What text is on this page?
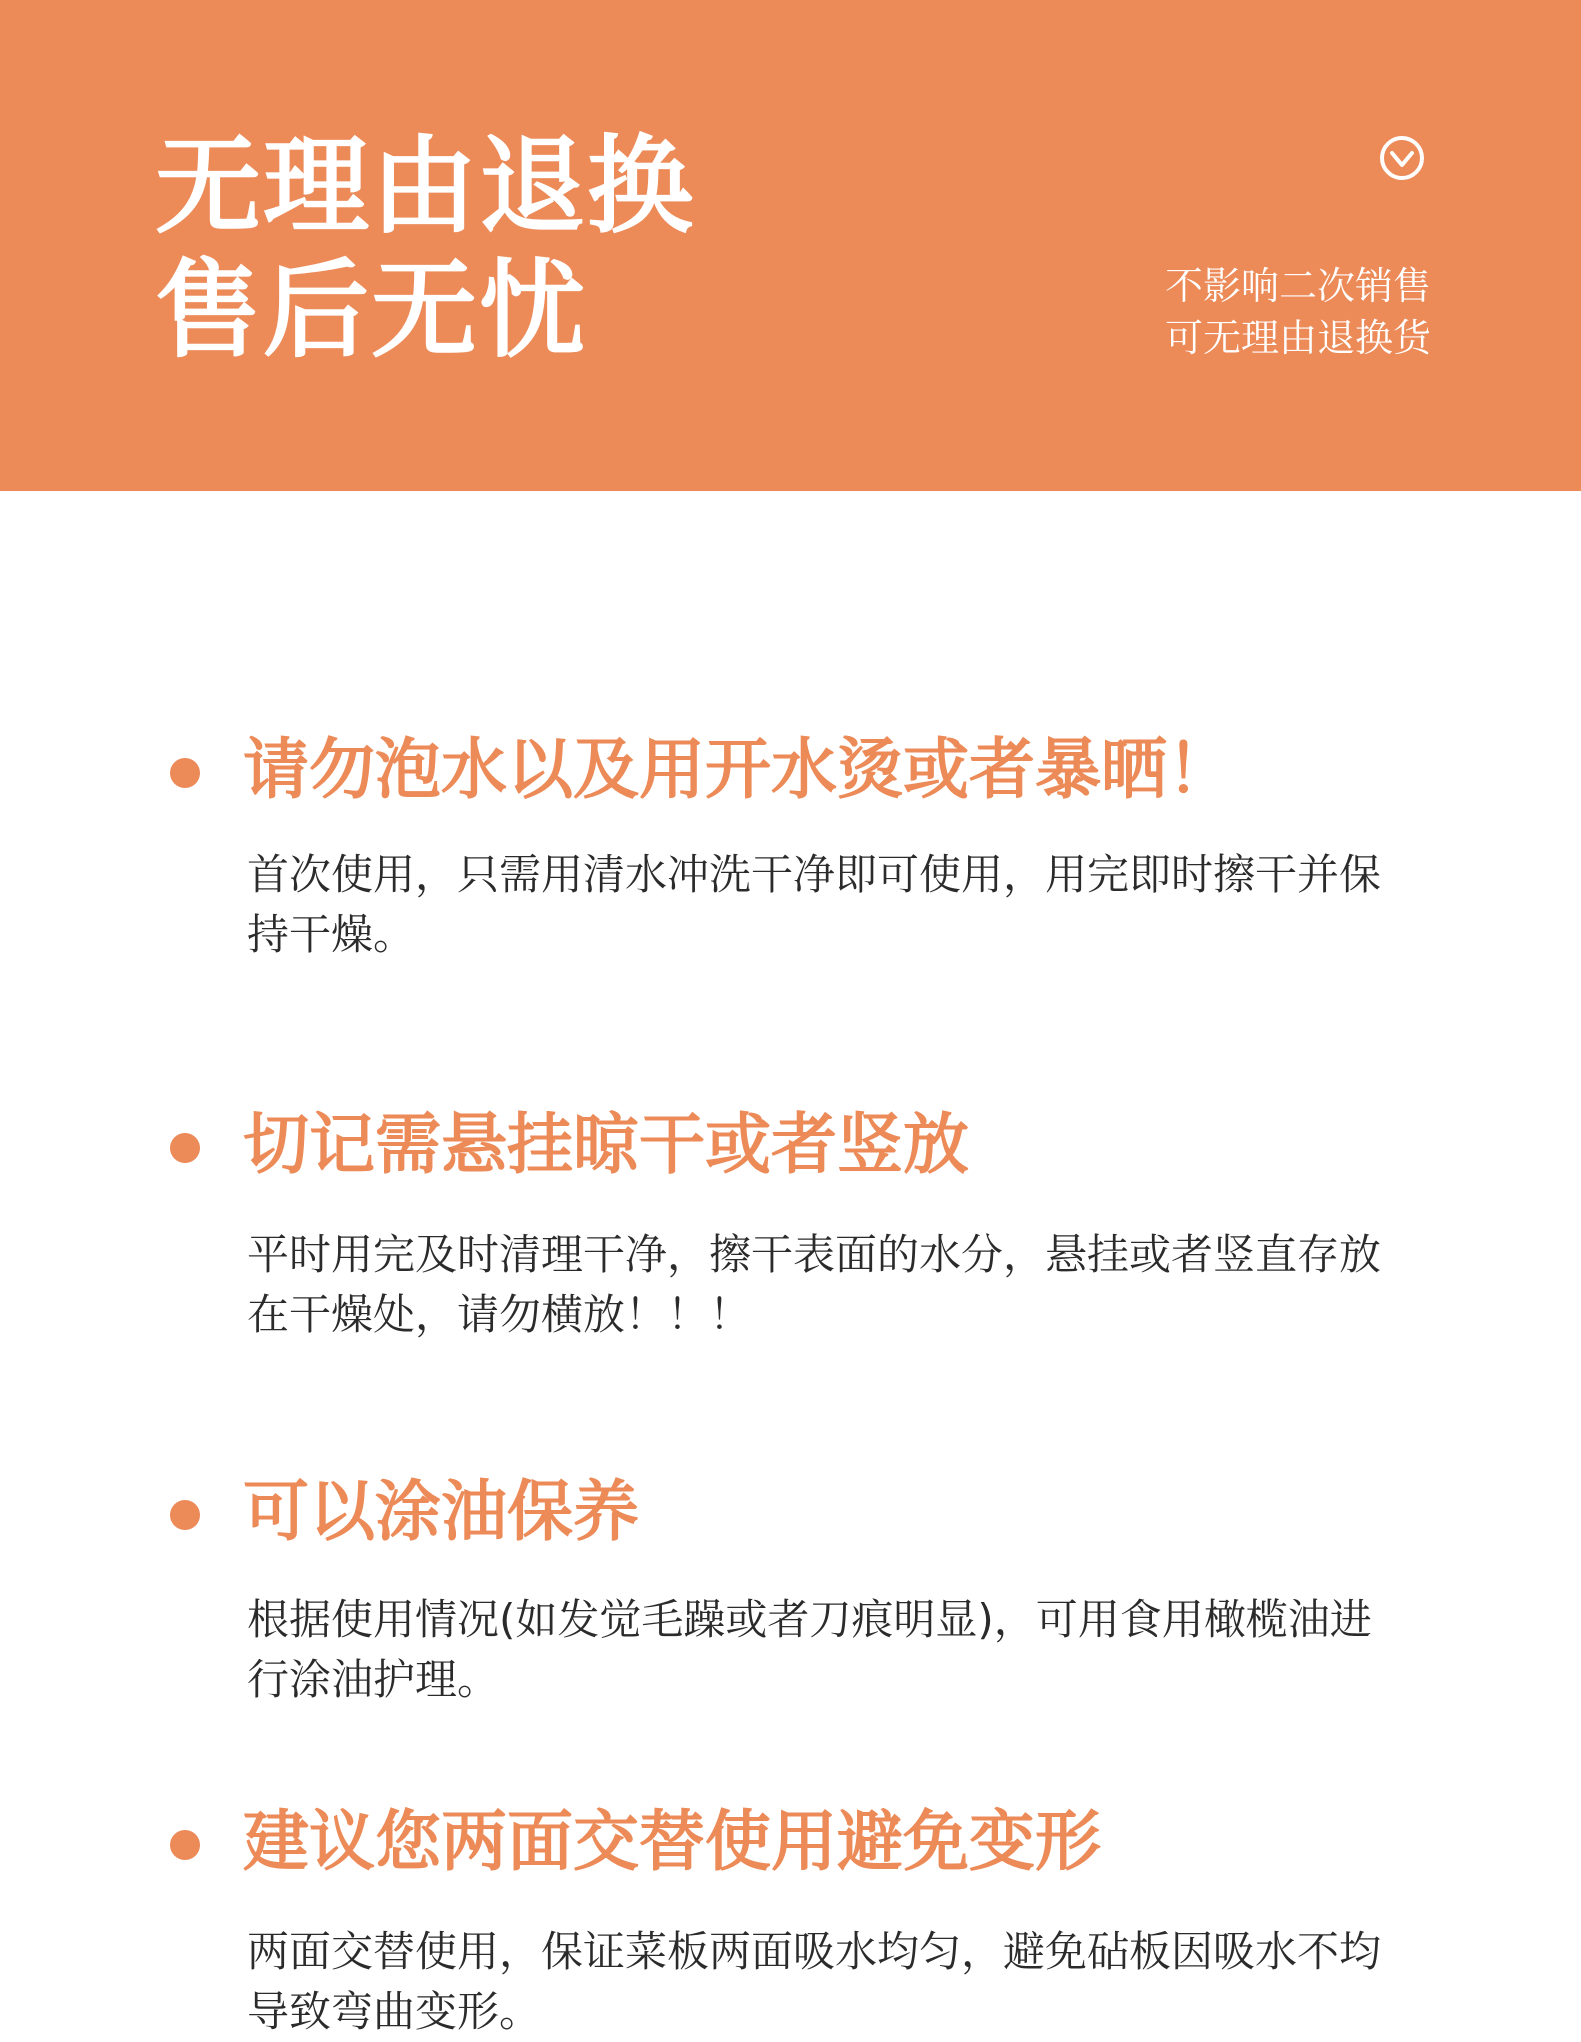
无理由退换
售后无忧	不影响二次销售
可无理由退换货
请勿泡水以及用开水烫或者暴晒！
首次使用，只需用清水冲洗干净即可使用，用完即时擦干并保持干燥。
切记需悬挂晾干或者竖放
平时用完及时清理干净，擦干表面的水分，悬挂或者竖直存放在干燥处，请勿横放！！！
可以涂油保养
根据使用情况(如发觉毛躁或者刀痕明显)，可用食用橄榄油进行涂油护理。
建议您两面交替使用避免变形
两面交替使用，保证菜板两面吸水均匀，避免砧板因吸水不均导致弯曲变形。
